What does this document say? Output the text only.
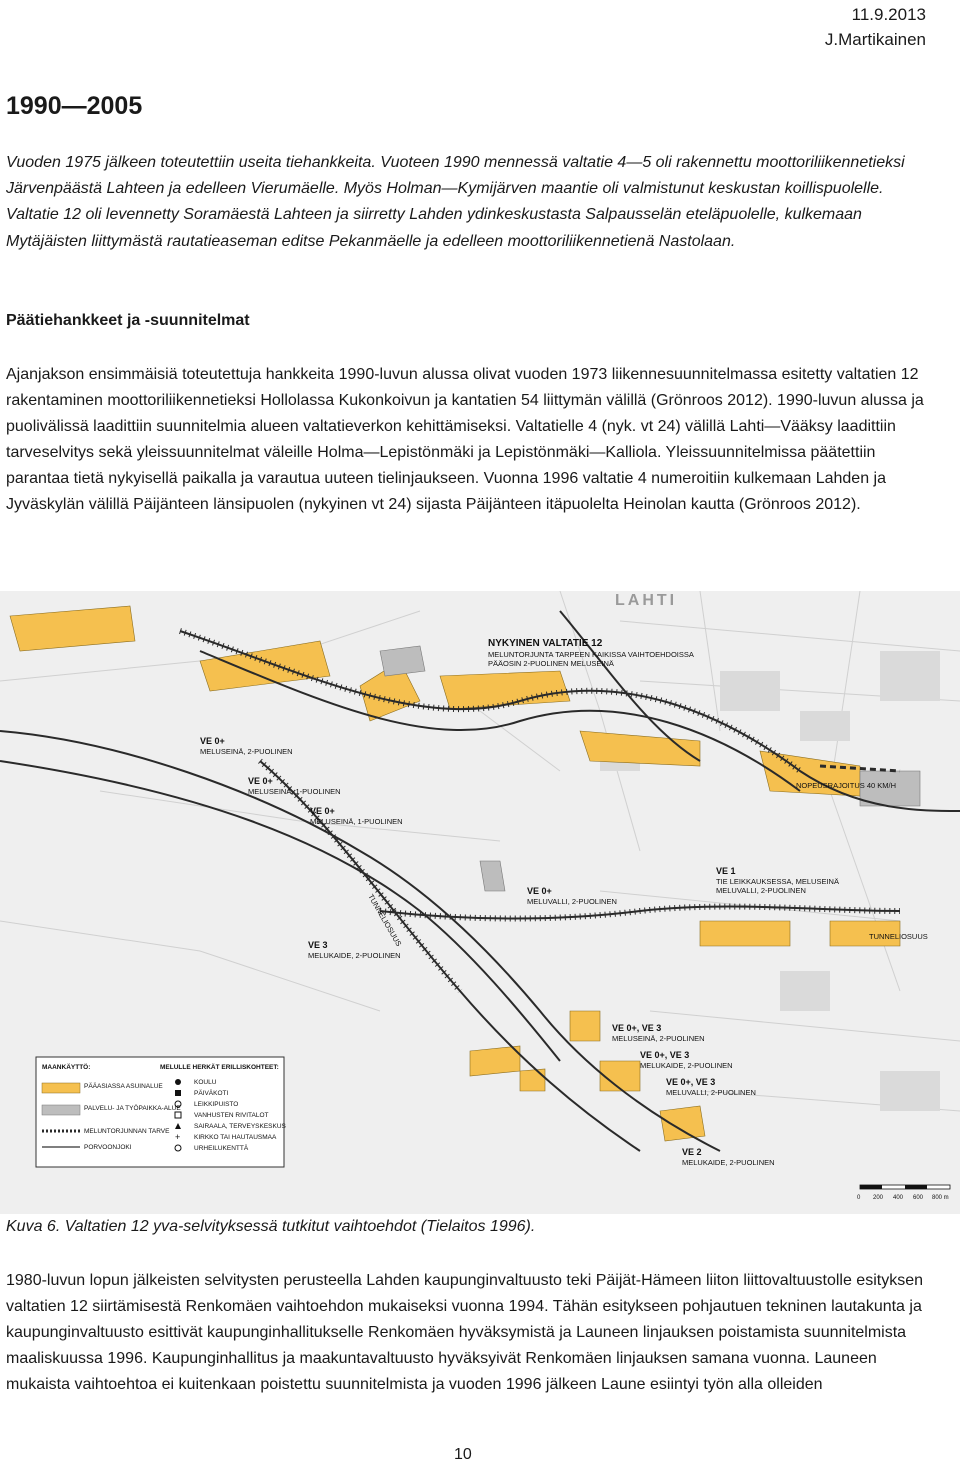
11.9.2013
J.Martikainen
1990—2005

Vuoden 1975 jälkeen toteutettiin useita tiehankkeita. Vuoteen 1990 mennessä valtatie 4—5 oli rakennettu moottoriliikennetieksi Järvenpäästä Lahteen ja edelleen Vierumäelle. Myös Holman—Kymijärven maantie oli valmistunut keskustan koillispuolelle. Valtatie 12 oli levennetty Soramäestä Lahteen ja siirretty Lahden ydinkeskustasta Salpausselän eteläpuolelle, kulkemaan Mytäjäisten liittymästä rautatieaseman editse Pekanmäelle ja edelleen moottoriliikennetienä Nastolaan.

Päätiehankkeet ja -suunnitelmat

Ajanjakson ensimmäisiä toteutettuja hankkeita 1990-luvun alussa olivat vuoden 1973 liikennesuunnitelmassa esitetty valtatien 12 rakentaminen moottoriliikennetieksi Hollolassa Kukonkoivun ja kantatien 54 liittymän välillä (Grönroos 2012). 1990-luvun alussa ja puolivälissä laadittiin suunnitelmia alueen valtatieverkon kehittämiseksi. Valtatielle 4 (nyk. vt 24) välillä Lahti—Vääksy laadittiin tarveselvitys sekä yleissuunnitelmat väleille Holma—Lepistönmäki ja Lepistönmäki—Kalliola. Yleissuunnitelmissa päätettiin parantaa tietä nykyisellä paikalla ja varautua uuteen tielinjaukseen. Vuonna 1996 valtatie 4 numeroitiin kulkemaan Lahden ja Jyväskylän välillä Päijänteen länsipuolen (nykyinen vt 24) sijasta Päijänteen itäpuolelta Heinolan kautta (Grönroos 2012).

LAHTI
NYKYINEN VALTATIE 12
MELUNTORJUNTA TARPEEN KAIKISSA VAIHTOEHDOISSA
PÄÄOSIN 2-PUOLINEN MELUSEINÄ
VE 0+
MELUSEINÄ, 2-PUOLINEN
VE 0+
MELUSEINÄ, 1-PUOLINEN
VE 0+
MELUSEINÄ, 1-PUOLINEN
VE 0+
MELUVALLI, 2-PUOLINEN
VE 3
MELUKAIDE, 2-PUOLINEN
VE 1
TIE LEIKKAUKSESSA, MELUSEINÄ
MELUVALLI, 2-PUOLINEN
NOPEUSRAJOITUS 40 KM/H
TUNNELIOSUUS	TUNNELIOSUUS
VE 0+, VE 3
MELUSEINÄ, 2-PUOLINEN
VE 0+, VE 3
MELUKAIDE, 2-PUOLINEN
VE 0+, VE 3
MELUVALLI, 2-PUOLINEN
VE 2
MELUKAIDE, 2-PUOLINEN
MAANKÄYTTÖ:
PÄÄASIASSA ASUINALUE
PALVELU- JA TYÖPAIKKA-ALUE
MELUNTORJUNNAN TARVE
PORVOONJOKI
MELULLE HERKÄT ERILLISKOHTEET:
KOULU
PÄIVÄKOTI
LEIKKIPUISTO
VANHUSTEN RIVITALOT
SAIRAALA, TERVEYSKESKUS
+ KIRKKO TAI HAUTAUSMAA
URHEILUKENTTÄ
0 200 400 600 800 m

Kuva 6. Valtatien 12 yva-selvityksessä tutkitut vaihtoehdot (Tielaitos 1996).

1980-luvun lopun jälkeisten selvitysten perusteella Lahden kaupunginvaltuusto teki Päijät-Hämeen liiton liittovaltuustolle esityksen valtatien 12 siirtämisestä Renkomäen vaihtoehdon mukaiseksi vuonna 1994. Tähän esitykseen pohjautuen tekninen lautakunta ja kaupunginvaltuusto esittivät kaupunginhallitukselle Renkomäen hyväksymistä ja Launeen linjauksen poistamista suunnitelmista maaliskuussa 1996. Kaupunginhallitus ja maakuntavaltuusto hyväksyivät Renkomäen linjauksen samana vuonna. Launeen mukaista vaihtoehtoa ei kuitenkaan poistettu suunnitelmista ja vuoden 1996 jälkeen Laune esiintyi työn alla olleiden

10
